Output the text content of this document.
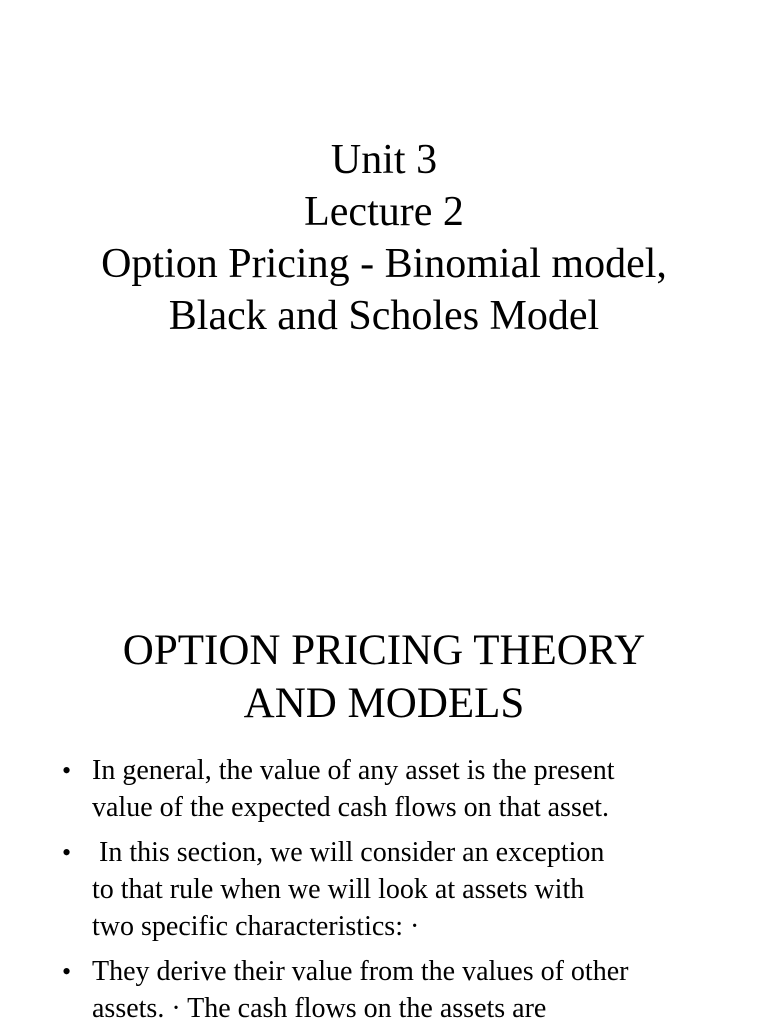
Unit 3
Lecture 2
Option Pricing - Binomial model,
Black and Scholes Model
OPTION PRICING THEORY
AND MODELS
• In general, the value of any asset is the present
value of the expected cash flows on that asset.
• In this section, we will consider an exception
to that rule when we will look at assets with
two specific characteristics: ·
• They derive their value from the values of other
assets. · The cash flows on the assets are
